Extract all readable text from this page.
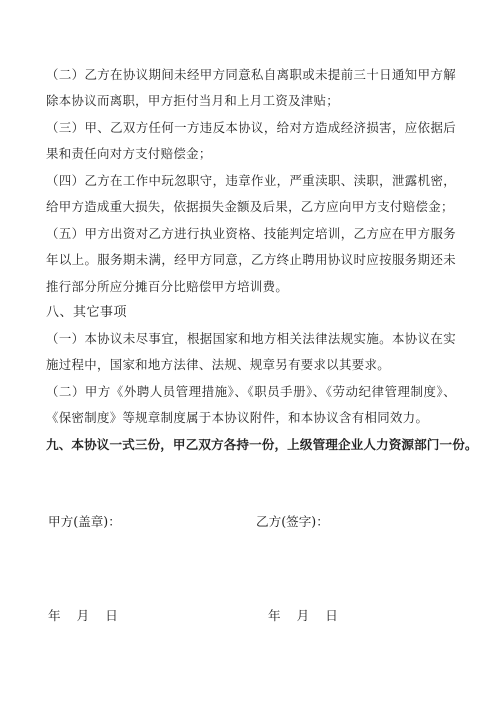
（二）乙方在协议期间未经甲方同意私自离职或未提前三十日通知甲方解除本协议而离职，甲方拒付当月和上月工资及津贴；

（三）甲、乙双方任何一方违反本协议，给对方造成经济损害，应依据后果和责任向对方支付赔偿金；

（四）乙方在工作中玩忽职守，违章作业，严重渎职、渎职，泄露机密，给甲方造成重大损失，依据损失金额及后果，乙方应向甲方支付赔偿金；

（五）甲方出资对乙方进行执业资格、技能判定培训，乙方应在甲方服务年以上。服务期未满，经甲方同意，乙方终止聘用协议时应按服务期还未推行部分所应分摊百分比赔偿甲方培训费。

八、其它事项

（一）本协议未尽事宜，根据国家和地方相关法律法规实施。本协议在实施过程中，国家和地方法律、法规、规章另有要求以其要求。

（二）甲方《外聘人员管理措施》、《职员手册》、《劳动纪律管理制度》、《保密制度》等规章制度属于本协议附件，和本协议含有相同效力。

九、本协议一式三份，甲乙双方各持一份，上级管理企业人力资源部门一份。

甲方(盖章)：	乙方(签字)：

年    月    日	年    月    日
